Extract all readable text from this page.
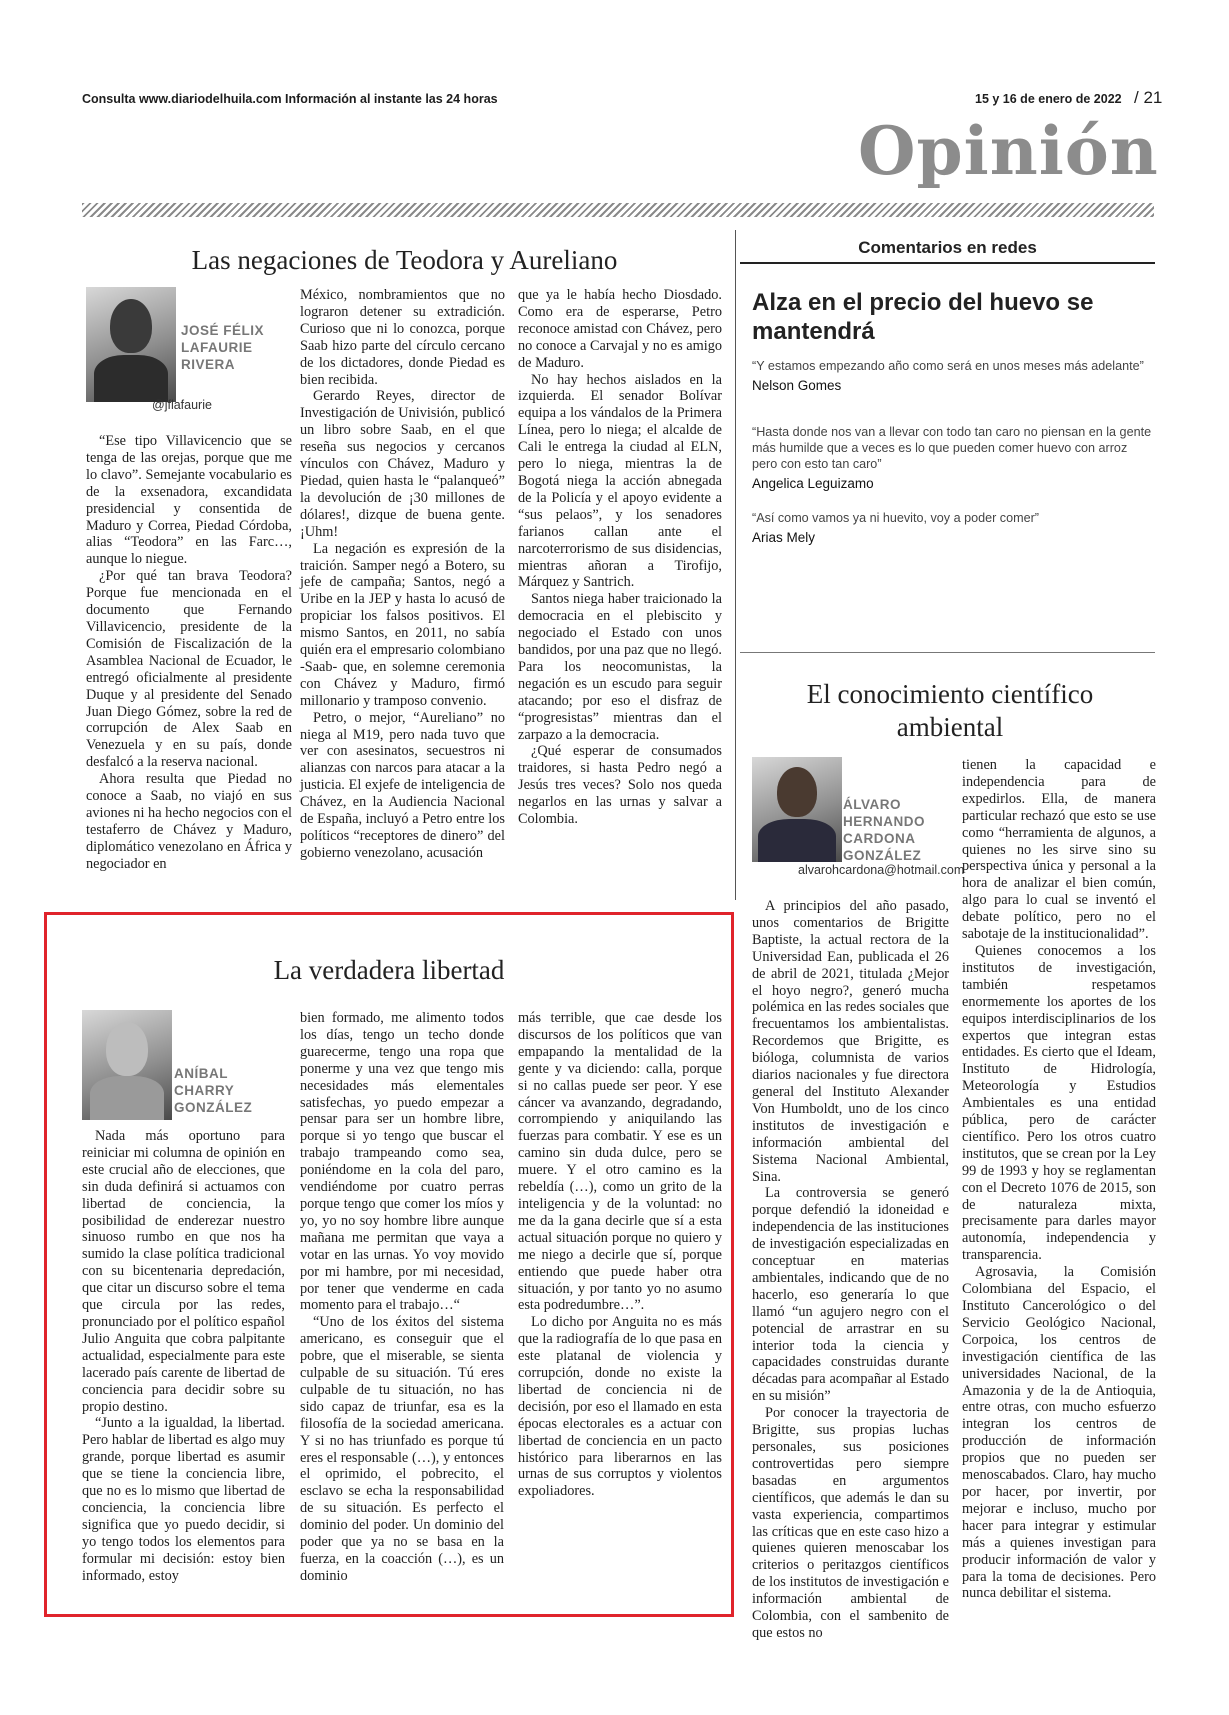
Consulta www.diariodelhuila.com Información al instante las 24 horas	15 y 16 de enero de 2022 / 21
Opinión
Las negaciones de Teodora y Aureliano
JOSÉ FÉLIX
LAFAURIE
RIVERA
@jflafaurie

“Ese tipo Villavicencio que se tenga de las orejas, porque que me lo clavo”. Semejante vocabulario es de la exsenadora, excandidata presidencial y consentida de Maduro y Correa, Piedad Córdoba, alias “Teodora” en las Farc…, aunque lo niegue.

¿Por qué tan brava Teodora? Porque fue mencionada en el documento que Fernando Villavicencio, presidente de la Comisión de Fiscalización de la Asamblea Nacional de Ecuador, le entregó oficialmente al presidente Duque y al presidente del Senado Juan Diego Gómez, sobre la red de corrupción de Alex Saab en Venezuela y en su país, donde desfalcó a la reserva nacional.

Ahora resulta que Piedad no conoce a Saab, no viajó en sus aviones ni ha hecho negocios con el testaferro de Chávez y Maduro, diplomático venezolano en África y negociador en

México, nombramientos que no lograron detener su extradición. Curioso que ni lo conozca, porque Saab hizo parte del círculo cercano de los dictadores, donde Piedad es bien recibida.

Gerardo Reyes, director de Investigación de Univisión, publicó un libro sobre Saab, en el que reseña sus negocios y cercanos vínculos con Chávez, Maduro y Piedad, quien hasta le “palanqueó” la devolución de ¡30 millones de dólares!, dizque de buena gente. ¡Uhm!

La negación es expresión de la traición. Samper negó a Botero, su jefe de campaña; Santos, negó a Uribe en la JEP y hasta lo acusó de propiciar los falsos positivos. El mismo Santos, en 2011, no sabía quién era el empresario colombiano -Saab- que, en solemne ceremonia con Chávez y Maduro, firmó millonario y tramposo convenio.

Petro, o mejor, “Aureliano” no niega al M19, pero nada tuvo que ver con asesinatos, secuestros ni alianzas con narcos para atacar a la justicia. El exjefe de inteligencia de Chávez, en la Audiencia Nacional de España, incluyó a Petro entre los políticos “receptores de dinero” del gobierno venezolano, acusación

que ya le había hecho Diosdado. Como era de esperarse, Petro reconoce amistad con Chávez, pero no conoce a Carvajal y no es amigo de Maduro.

No hay hechos aislados en la izquierda. El senador Bolívar equipa a los vándalos de la Primera Línea, pero lo niega; el alcalde de Cali le entrega la ciudad al ELN, pero lo niega, mientras la de Bogotá niega la acción abnegada de la Policía y el apoyo evidente a “sus pelaos”, y los senadores farianos callan ante el narcoterrorismo de sus disidencias, mientras añoran a Tirofijo, Márquez y Santrich.

Santos niega haber traicionado la democracia en el plebiscito y negociado el Estado con unos bandidos, por una paz que no llegó. Para los neocomunistas, la negación es un escudo para seguir atacando; por eso el disfraz de “progresistas” mientras dan el zarpazo a la democracia.

¿Qué esperar de consumados traidores, si hasta Pedro negó a Jesús tres veces? Solo nos queda negarlos en las urnas y salvar a Colombia.

Comentarios en redes
Alza en el precio del huevo se mantendrá
“Y estamos empezando año como será en unos meses más adelante”
Nelson Gomes
“Hasta donde nos van a llevar con todo tan caro no piensan en la gente más humilde que a veces es lo que pueden comer huevo con arroz pero con esto tan caro”
Angelica Leguizamo
“Así como vamos ya ni huevito, voy a poder comer”
Arias Mely
El conocimiento científico ambiental
ÁLVARO
HERNANDO
CARDONA
GONZÁLEZ
alvarohcardona@hotmail.com

A principios del año pasado, unos comentarios de Brigitte Baptiste, la actual rectora de la Universidad Ean, publicada el 26 de abril de 2021, titulada ¿Mejor el hoyo negro?, generó mucha polémica en las redes sociales que frecuentamos los ambientalistas. Recordemos que Brigitte, es bióloga, columnista de varios diarios nacionales y fue directora general del Instituto Alexander Von Humboldt, uno de los cinco institutos de investigación e información ambiental del Sistema Nacional Ambiental, Sina.

La controversia se generó porque defendió la idoneidad e independencia de las instituciones de investigación especializadas en conceptuar en materias ambientales, indicando que de no hacerlo, eso generaría lo que llamó “un agujero negro con el potencial de arrastrar en su interior toda la ciencia y capacidades construidas durante décadas para acompañar al Estado en su misión”

Por conocer la trayectoria de Brigitte, sus propias luchas personales, sus posiciones controvertidas pero siempre basadas en argumentos científicos, que además le dan su vasta experiencia, compartimos las críticas que en este caso hizo a quienes quieren menoscabar los criterios o peritazgos científicos de los institutos de investigación e información ambiental de Colombia, con el sambenito de que estos no

tienen la capacidad e independencia para de expedirlos. Ella, de manera particular rechazó que esto se use como “herramienta de algunos, a quienes no les sirve sino su perspectiva única y personal a la hora de analizar el bien común, algo para lo cual se inventó el debate político, pero no el sabotaje de la institucionalidad”.

Quienes conocemos a los institutos de investigación, también respetamos enormemente los aportes de los equipos interdisciplinarios de los expertos que integran estas entidades. Es cierto que el Ideam, Instituto de Hidrología, Meteorología y Estudios Ambientales es una entidad pública, pero de carácter científico. Pero los otros cuatro institutos, que se crean por la Ley 99 de 1993 y hoy se reglamentan con el Decreto 1076 de 2015, son de naturaleza mixta, precisamente para darles mayor autonomía, independencia y transparencia.

Agrosavia, la Comisión Colombiana del Espacio, el Instituto Cancerológico o del Servicio Geológico Nacional, Corpoica, los centros de investigación científica de las universidades Nacional, de la Amazonia y de la de Antioquia, entre otras, con mucho esfuerzo integran los centros de producción de información propios que no pueden ser menoscabados. Claro, hay mucho por hacer, por invertir, por mejorar e incluso, mucho por hacer para integrar y estimular más a quienes investigan para producir información de valor y para la toma de decisiones. Pero nunca debilitar el sistema.

La verdadera libertad
ANÍBAL
CHARRY
GONZÁLEZ

Nada más oportuno para reiniciar mi columna de opinión en este crucial año de elecciones, que sin duda definirá si actuamos con libertad de conciencia, la posibilidad de enderezar nuestro sinuoso rumbo en que nos ha sumido la clase política tradicional con su bicentenaria depredación, que citar un discurso sobre el tema que circula por las redes, pronunciado por el político español Julio Anguita que cobra palpitante actualidad, especialmente para este lacerado país carente de libertad de conciencia para decidir sobre su propio destino.

“Junto a la igualdad, la libertad. Pero hablar de libertad es algo muy grande, porque libertad es asumir que se tiene la conciencia libre, que no es lo mismo que libertad de conciencia, la conciencia libre significa que yo puedo decidir, si yo tengo todos los elementos para formular mi decisión: estoy bien informado, estoy

bien formado, me alimento todos los días, tengo un techo donde guarecerme, tengo una ropa que ponerme y una vez que tengo mis necesidades más elementales satisfechas, yo puedo empezar a pensar para ser un hombre libre, porque si yo tengo que buscar el trabajo trampeando como sea, poniéndome en la cola del paro, vendiéndome por cuatro perras porque tengo que comer los míos y yo, yo no soy hombre libre aunque mañana me permitan que vaya a votar en las urnas. Yo voy movido por mi hambre, por mi necesidad, por tener que venderme en cada momento para el trabajo…“

“Uno de los éxitos del sistema americano, es conseguir que el pobre, que el miserable, se sienta culpable de su situación. Tú eres culpable de tu situación, no has sido capaz de triunfar, esa es la filosofía de la sociedad americana. Y si no has triunfado es porque tú eres el responsable (…), y entonces el oprimido, el pobrecito, el esclavo se echa la responsabilidad de su situación. Es perfecto el dominio del poder. Un dominio del poder que ya no se basa en la fuerza, en la coacción (…), es un dominio

más terrible, que cae desde los discursos de los políticos que van empapando la mentalidad de la gente y va diciendo: calla, porque si no callas puede ser peor. Y ese cáncer va avanzando, degradando, corrompiendo y aniquilando las fuerzas para combatir. Y ese es un camino sin duda dulce, pero se muere. Y el otro camino es la rebeldía (…), como un grito de la inteligencia y de la voluntad: no me da la gana decirle que sí a esta actual situación porque no quiero y me niego a decirle que sí, porque entiendo que puede haber otra situación, y por tanto yo no asumo esta podredumbre…”.

Lo dicho por Anguita no es más que la radiografía de lo que pasa en este platanal de violencia y corrupción, donde no existe la libertad de conciencia ni de decisión, por eso el llamado en esta épocas electorales es a actuar con libertad de conciencia en un pacto histórico para liberarnos en las urnas de sus corruptos y violentos expoliadores.
